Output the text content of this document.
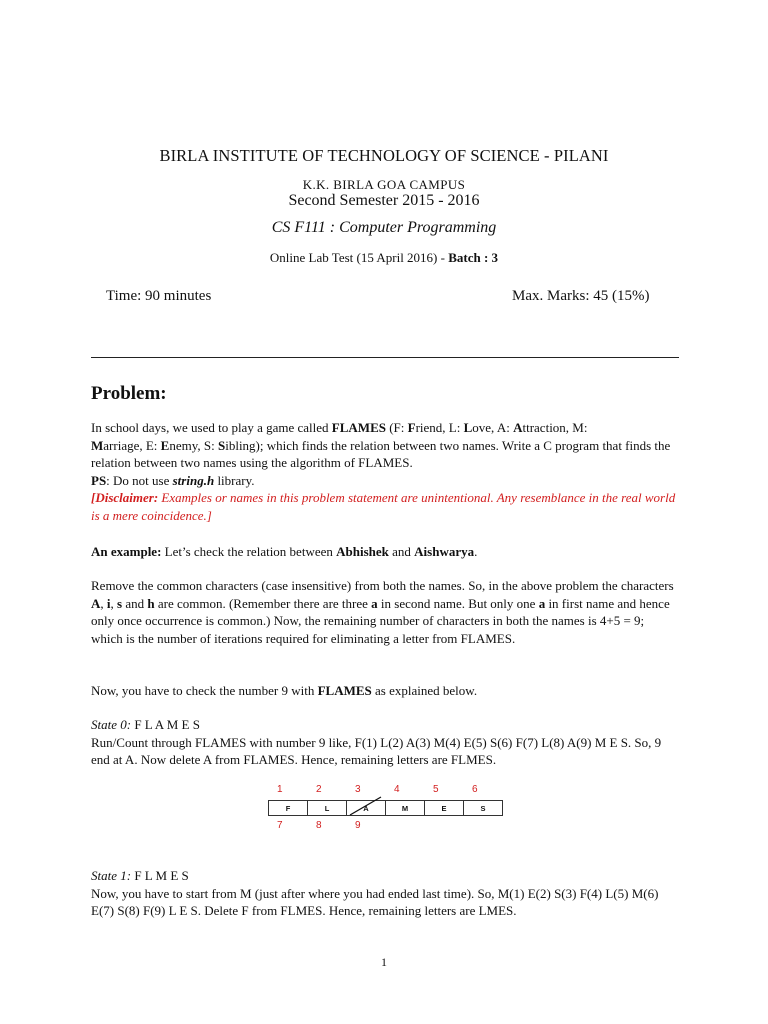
BIRLA INSTITUTE OF TECHNOLOGY OF SCIENCE - PILANI
K.K. BIRLA GOA CAMPUS
Second Semester 2015 - 2016
CS F111 : Computer Programming
Online Lab Test (15 April 2016) - Batch : 3
Time: 90 minutes	Max. Marks: 45 (15%)
Problem:
In school days, we used to play a game called FLAMES (F: Friend, L: Love, A: Attraction, M:
Marriage, E: Enemy, S: Sibling); which finds the relation between two names. Write a C program that finds the relation between two names using the algorithm of FLAMES.
PS: Do not use string.h library.
[Disclaimer: Examples or names in this problem statement are unintentional. Any resemblance in the real world is a mere coincidence.]
An example: Let’s check the relation between Abhishek and Aishwarya.
Remove the common characters (case insensitive) from both the names. So, in the above problem the characters A, i, s and h are common. (Remember there are three a in second name. But only one a in first name and hence only once occurrence is common.) Now, the remaining number of characters in both the names is 4+5 = 9; which is the number of iterations required for eliminating a letter from FLAMES.
Now, you have to check the number 9 with FLAMES as explained below.
State 0: F L A M E S
Run/Count through FLAMES with number 9 like, F(1) L(2) A(3) M(4) E(5) S(6) F(7) L(8) A(9) M E S. So, 9 end at A. Now delete A from FLAMES. Hence, remaining letters are FLMES.
F	L	A	M	E	S
1	2	3	4	5	6
7	8	9
State 1: F L M E S
Now, you have to start from M (just after where you had ended last time). So, M(1) E(2) S(3) F(4) L(5) M(6) E(7) S(8) F(9) L E S. Delete F from FLMES. Hence, remaining letters are LMES.
1
